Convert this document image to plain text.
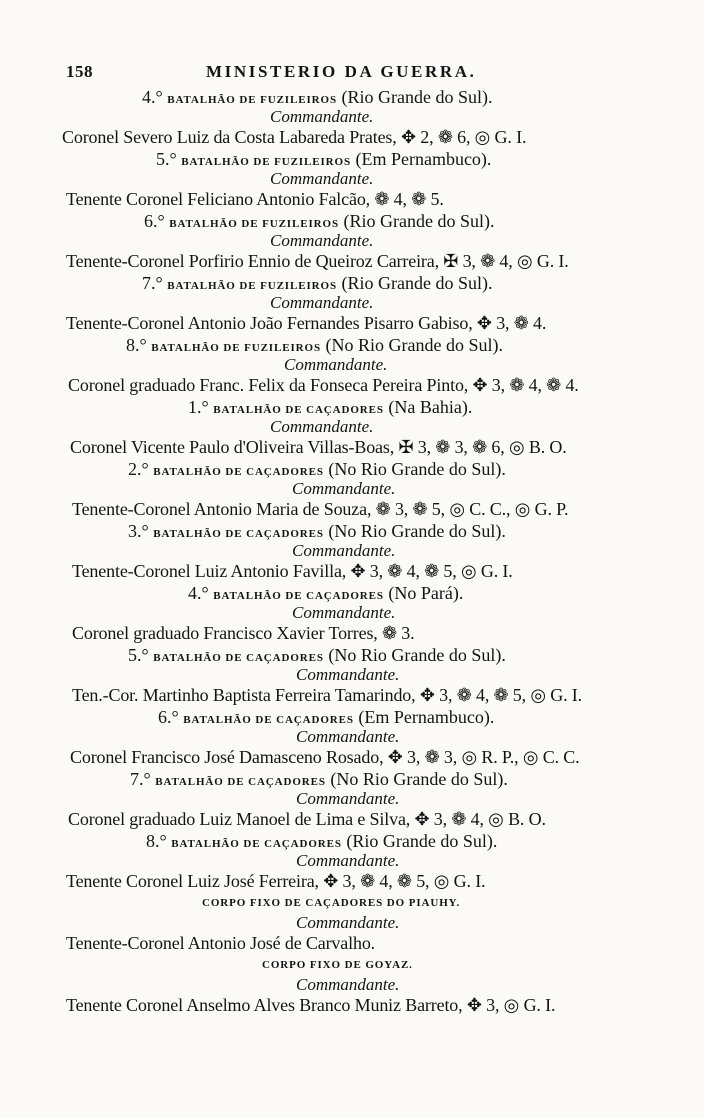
158	MINISTERIO DA GUERRA.
4.° BATALHÃO DE FUZILEIROS (Rio Grande do Sul).
Commandante.
Coronel Severo Luiz da Costa Labareda Prates, ✥ 2, ❁ 6, ◎ G. I.
5.° BATALHÃO DE FUZILEIROS (Em Pernambuco).
Commandante.
Tenente Coronel Feliciano Antonio Falcão, ❁ 4, ❁ 5.
6.° BATALHÃO DE FUZILEIROS (Rio Grande do Sul).
Commandante.
Tenente-Coronel Porfirio Ennio de Queiroz Carreira, ✠ 3, ❁ 4, ◎ G. I.
7.° BATALHÃO DE FUZILEIROS (Rio Grande do Sul).
Commandante.
Tenente-Coronel Antonio João Fernandes Pisarro Gabiso, ✥ 3, ❁ 4.
8.° BATALHÃO DE FUZILEIROS (No Rio Grande do Sul).
Commandante.
Coronel graduado Franc. Felix da Fonseca Pereira Pinto, ✥ 3, ❁ 4, ❁ 4.
1.° BATALHÃO DE CAÇADORES (Na Bahia).
Commandante.
Coronel Vicente Paulo d'Oliveira Villas-Boas, ✠ 3, ❁ 3, ❁ 6, ◎ B. O.
2.° BATALHÃO DE CAÇADORES (No Rio Grande do Sul).
Commandante.
Tenente-Coronel Antonio Maria de Souza, ❁ 3, ❁ 5, ◎ C. C., ◎ G. P.
3.° BATALHÃO DE CAÇADORES (No Rio Grande do Sul).
Commandante.
Tenente-Coronel Luiz Antonio Favilla, ✥ 3, ❁ 4, ❁ 5, ◎ G. I.
4.° BATALHÃO DE CAÇADORES (No Pará).
Commandante.
Coronel graduado Francisco Xavier Torres, ❁ 3.
5.° BATALHÃO DE CAÇADORES (No Rio Grande do Sul).
Commandante.
Ten.-Cor. Martinho Baptista Ferreira Tamarindo, ✥ 3, ❁ 4, ❁ 5, ◎ G. I.
6.° BATALHÃO DE CAÇADORES (Em Pernambuco).
Commandante.
Coronel Francisco José Damasceno Rosado, ✥ 3, ❁ 3, ◎ R. P., ◎ C. C.
7.° BATALHÃO DE CAÇADORES (No Rio Grande do Sul).
Commandante.
Coronel graduado Luiz Manoel de Lima e Silva, ✥ 3, ❁ 4, ◎ B. O.
8.° BATALHÃO DE CAÇADORES (Rio Grande do Sul).
Commandante.
Tenente Coronel Luiz José Ferreira, ✥ 3, ❁ 4, ❁ 5, ◎ G. I.
CORPO FIXO DE CAÇADORES DO PIAUHY.
Commandante.
Tenente-Coronel Antonio José de Carvalho.
CORPO FIXO DE GOYAZ.
Commandante.
Tenente Coronel Anselmo Alves Branco Muniz Barreto, ✥ 3, ◎ G. I.
